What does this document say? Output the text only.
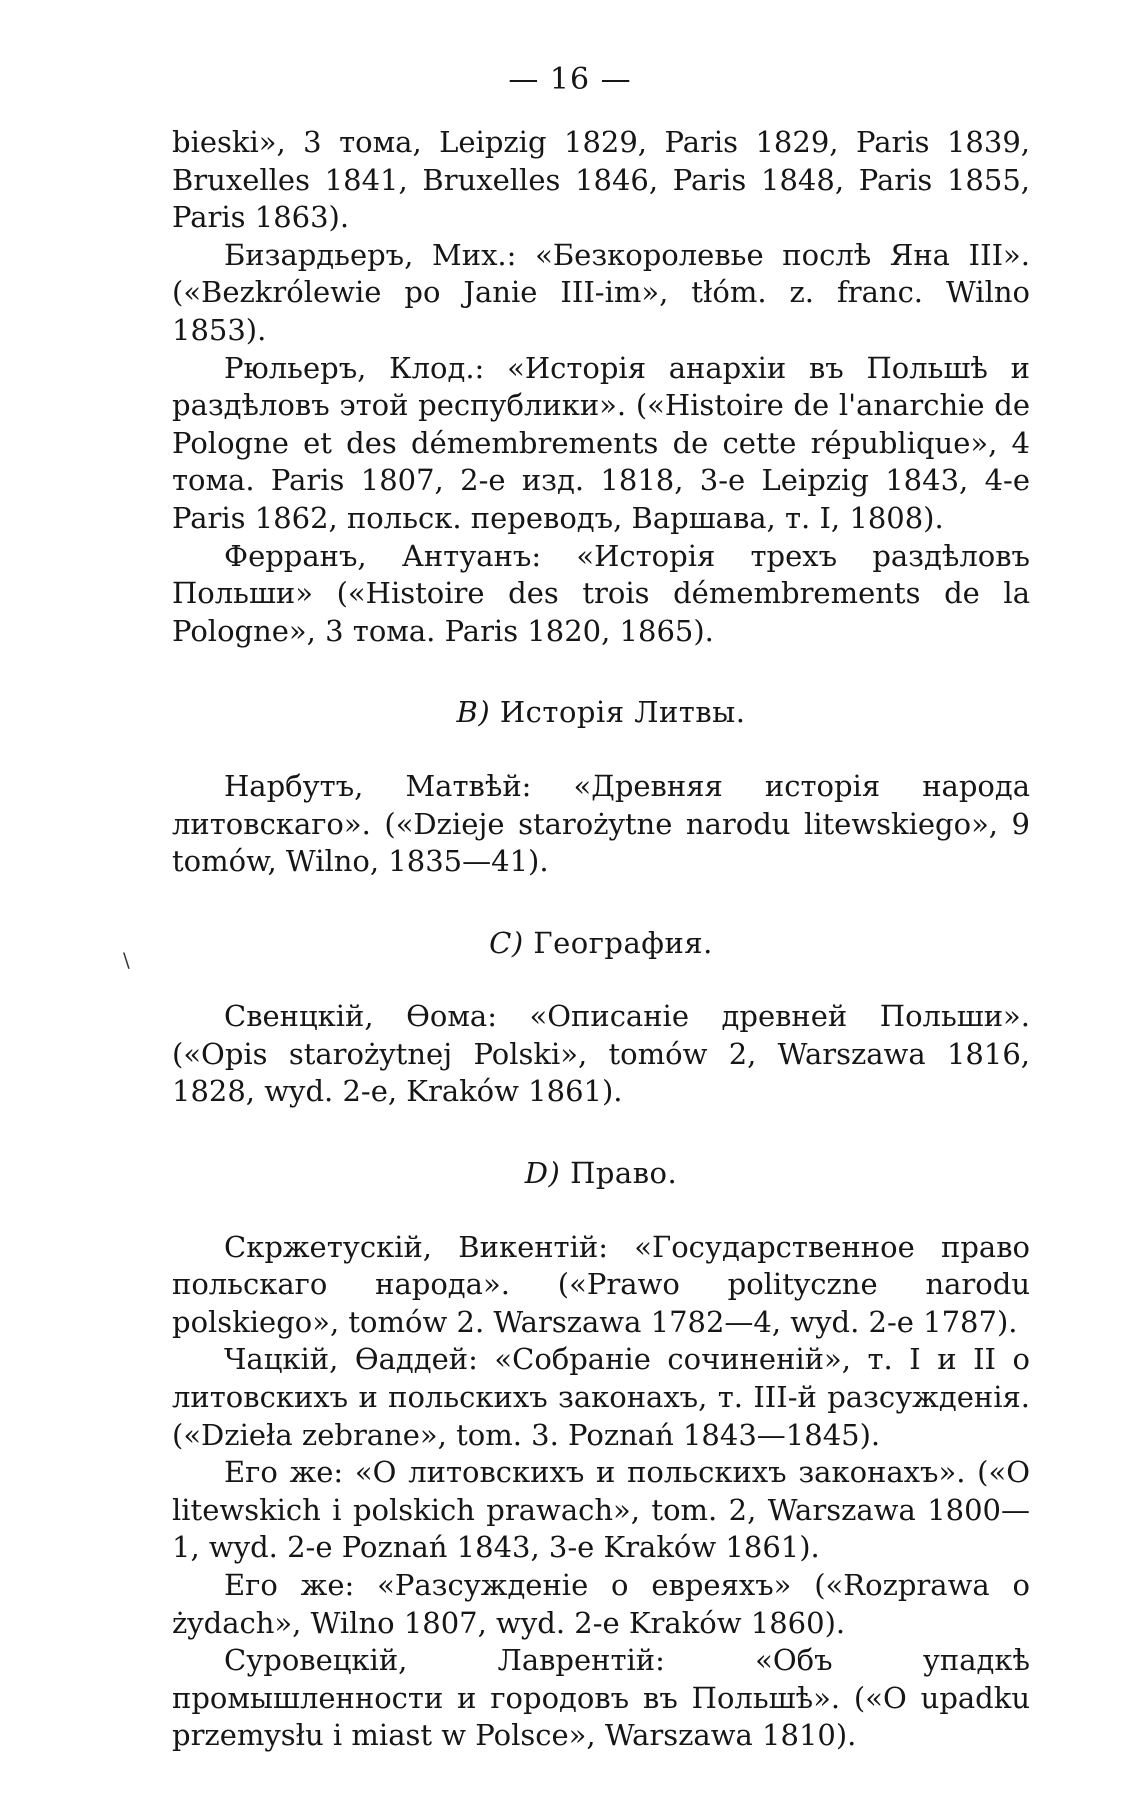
— 16 —
\

bieski», 3 тома, Leipzig 1829, Paris 1829, Paris 1839, Bruxelles 1841, Bruxelles 1846, Paris 1848, Paris 1855, Paris 1863).

Бизардьеръ, Мих.: «Безкоролевье послѣ Яна III». («Bezkrólewie po Janie III-im», tłóm. z. franc. Wilno 1853).

Рюльеръ, Клод.: «Исторія анархіи въ Польшѣ и раздѣловъ этой республики». («Histoire de l'anarchie de Pologne et des démembrements de cette république», 4 тома. Paris 1807, 2-е изд. 1818, 3-е Leipzig 1843, 4-е Paris 1862, польск. переводъ, Варшава, т. I, 1808).

Ферранъ, Антуанъ: «Исторія трехъ раздѣловъ Польши» («Histoire des trois démembrements de la Pologne», 3 тома. Paris 1820, 1865).

B) Исторія Литвы.

Нарбутъ, Матвѣй: «Древняя исторія народа литовскаго». («Dzieje starożytne narodu litewskiego», 9 tomów, Wilno, 1835—41).

C) География.

Свенцкій, Ѳома: «Описаніе древней Польши». («Opis starożytnej Polski», tomów 2, Warszawa 1816, 1828, wyd. 2-e, Kraków 1861).

D) Право.

Скржетускій, Викентій: «Государственное право польскаго народа». («Prawo polityczne narodu polskiego», tomów 2. Warszawa 1782—4, wyd. 2-e 1787).

Чацкій, Ѳаддей: «Собраніе сочиненій», т. I и II о литовскихъ и польскихъ законахъ, т. III-й разсужденія. («Dzieła zebrane», tom. 3. Poznań 1843—1845).

Его же: «О литовскихъ и польскихъ законахъ». («O litewskich i polskich prawach», tom. 2, Warszawa 1800—1, wyd. 2-e Poznań 1843, 3-e Kraków 1861).

Его же: «Разсужденіе о евреяхъ» («Rozprawa o żydach», Wilno 1807, wyd. 2-e Kraków 1860).

Суровецкій, Лаврентій: «Объ упадкѣ промышленности и городовъ въ Польшѣ». («O upadku przemysłu i miast w Polsce», Warszawa 1810).
